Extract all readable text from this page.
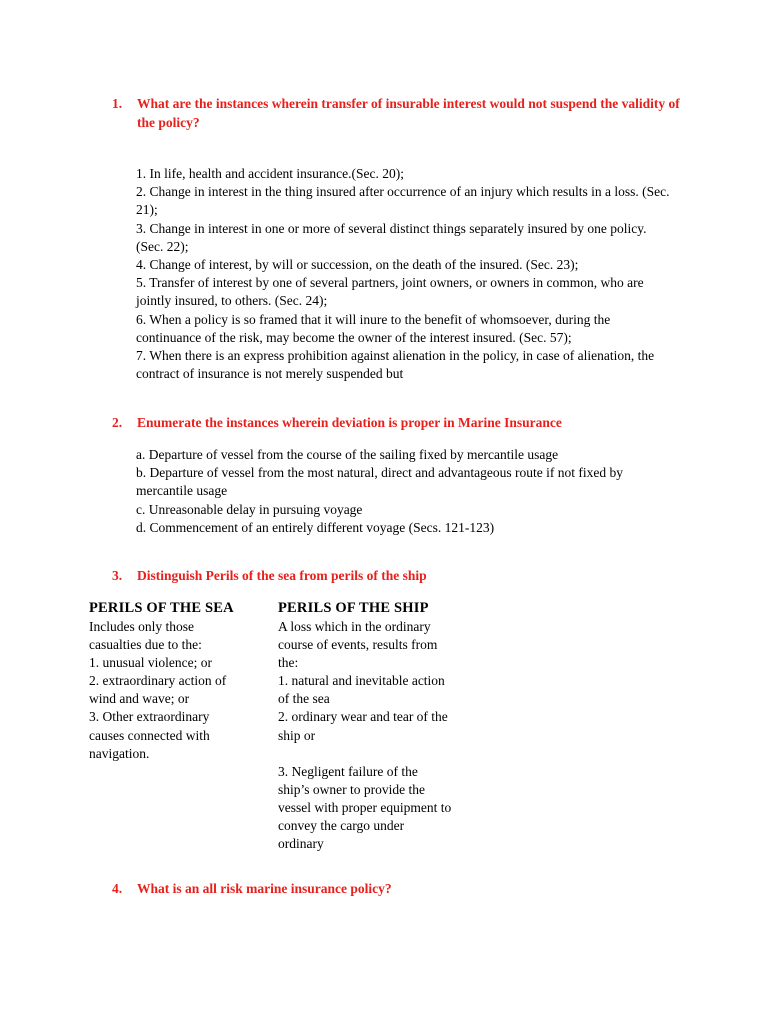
1. What are the instances wherein transfer of insurable interest would not suspend the validity of the policy?
1. In life, health and accident insurance.(Sec. 20);
2. Change in interest in the thing insured after occurrence of an injury which results in a loss. (Sec. 21);
3. Change in interest in one or more of several distinct things separately insured by one policy.(Sec. 22);
4. Change of interest, by will or succession, on the death of the insured. (Sec. 23);
5. Transfer of interest by one of several partners, joint owners, or owners in common, who are jointly insured, to others. (Sec. 24);
6. When a policy is so framed that it will inure to the benefit of whomsoever, during the continuance of the risk, may become the owner of the interest insured. (Sec. 57);
7. When there is an express prohibition against alienation in the policy, in case of alienation, the contract of insurance is not merely suspended but
2. Enumerate the instances wherein deviation is proper in Marine Insurance
a. Departure of vessel from the course of the sailing fixed by mercantile usage
b. Departure of vessel from the most natural, direct and advantageous route if not fixed by mercantile usage
c. Unreasonable delay in pursuing voyage
d. Commencement of an entirely different voyage (Secs. 121-123)
3. Distinguish Perils of the sea from perils of the ship
PERILS OF THE SEA
Includes only those
casualties due to the:
1. unusual violence; or
2. extraordinary action of
wind and wave; or
3. Other extraordinary
causes connected with
navigation.
PERILS OF THE SHIP
A loss which in the ordinary
course of events, results from
the:
1. natural and inevitable action
of the sea
2. ordinary wear and tear of the
ship or
3. Negligent failure of the
ship’s owner to provide the
vessel with proper equipment to
convey the cargo under
ordinary
4. What is an all risk marine insurance policy?
